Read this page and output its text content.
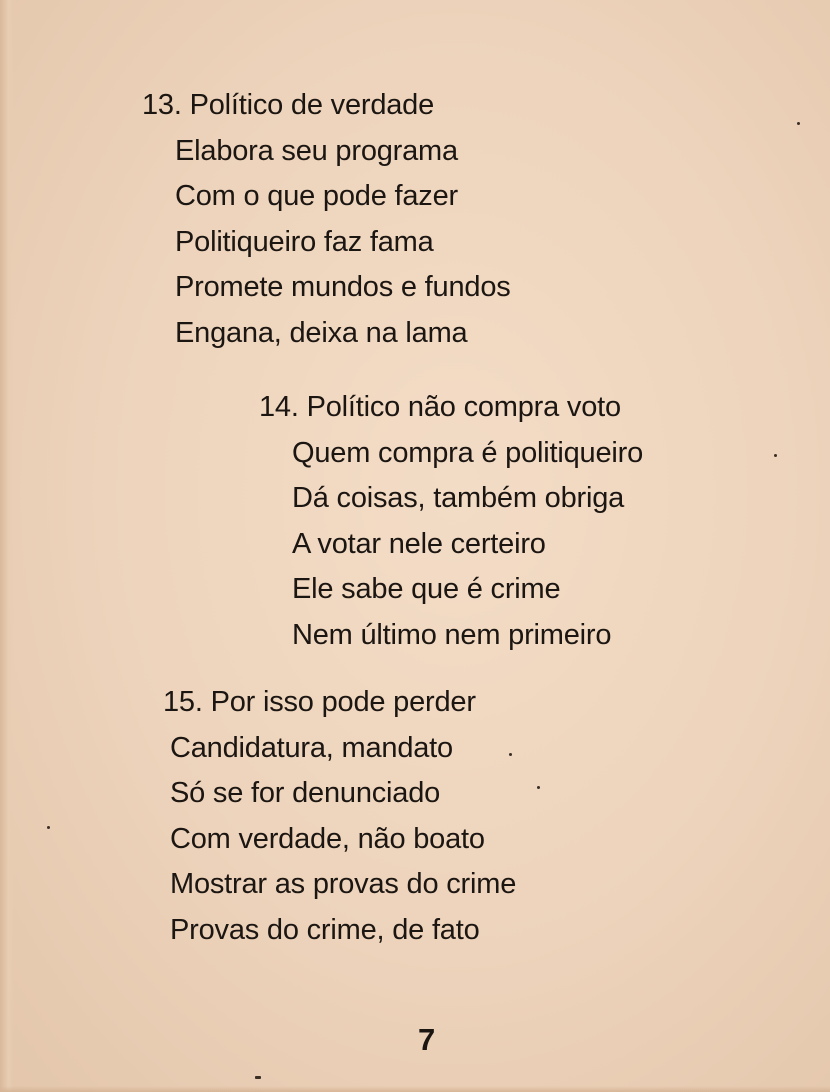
13. Político de verdade
Elabora seu programa
Com o que pode fazer
Politiqueiro faz fama
Promete mundos e fundos
Engana, deixa na lama
14. Político não compra voto
Quem compra é politiqueiro
Dá coisas, também obriga
A votar nele certeiro
Ele sabe que é crime
Nem último nem primeiro
15. Por isso pode perder
Candidatura, mandato
Só se for denunciado
Com verdade, não boato
Mostrar as provas do crime
Provas do crime, de fato
7
